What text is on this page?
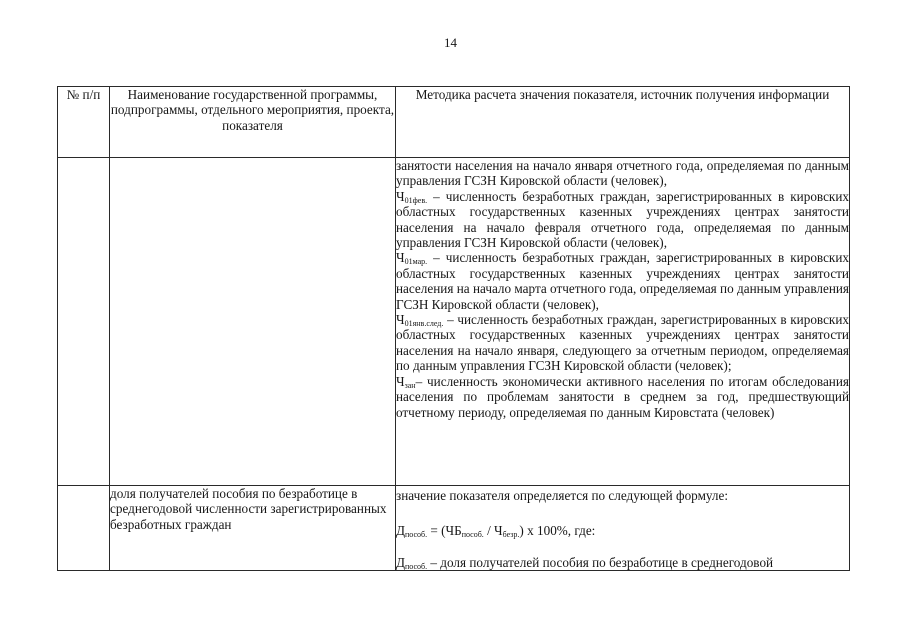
14
№ п/п	Наименование государственной программы, подпрограммы, отдельного мероприятия, проекта, показателя	Методика расчета значения показателя, источник получения информации

		занятости населения на начало января отчетного года, определяемая по данным управления ГСЗН Кировской области (человек),

$Ч_{01фев.}$ – численность безработных граждан, зарегистрированных в кировских областных государственных казенных учреждениях центрах занятости населения на начало февраля отчетного года, определяемая по данным управления ГСЗН Кировской области (человек),

$Ч_{01мар.}$ – численность безработных граждан, зарегистрированных в кировских областных государственных казенных учреждениях центрах занятости населения на начало марта отчетного года, определяемая по данным управления ГСЗН Кировской области (человек),

$Ч_{01янв.след.}$ – численность безработных граждан, зарегистрированных в кировских областных государственных казенных учреждениях центрах занятости населения на начало января, следующего за отчетным периодом, определяемая по данным управления ГСЗН Кировской области (человек);

$Ч_{зан}-$ численность экономически активного населения по итогам обследования населения по проблемам занятости в среднем за год, предшествующий отчетному периоду, определяемая по данным Кировстата (человек)

	доля получателей пособия по безработице в среднегодовой численности зарегистрированных безработных граждан	значение показателя определяется по следующей формуле:

$Д_{пособ.} = (ЧБ_{пособ.} / Ч_{безр.})$ x 100%, где:

$Д_{пособ.}$ – доля получателей пособия по безработице в среднегодовой
